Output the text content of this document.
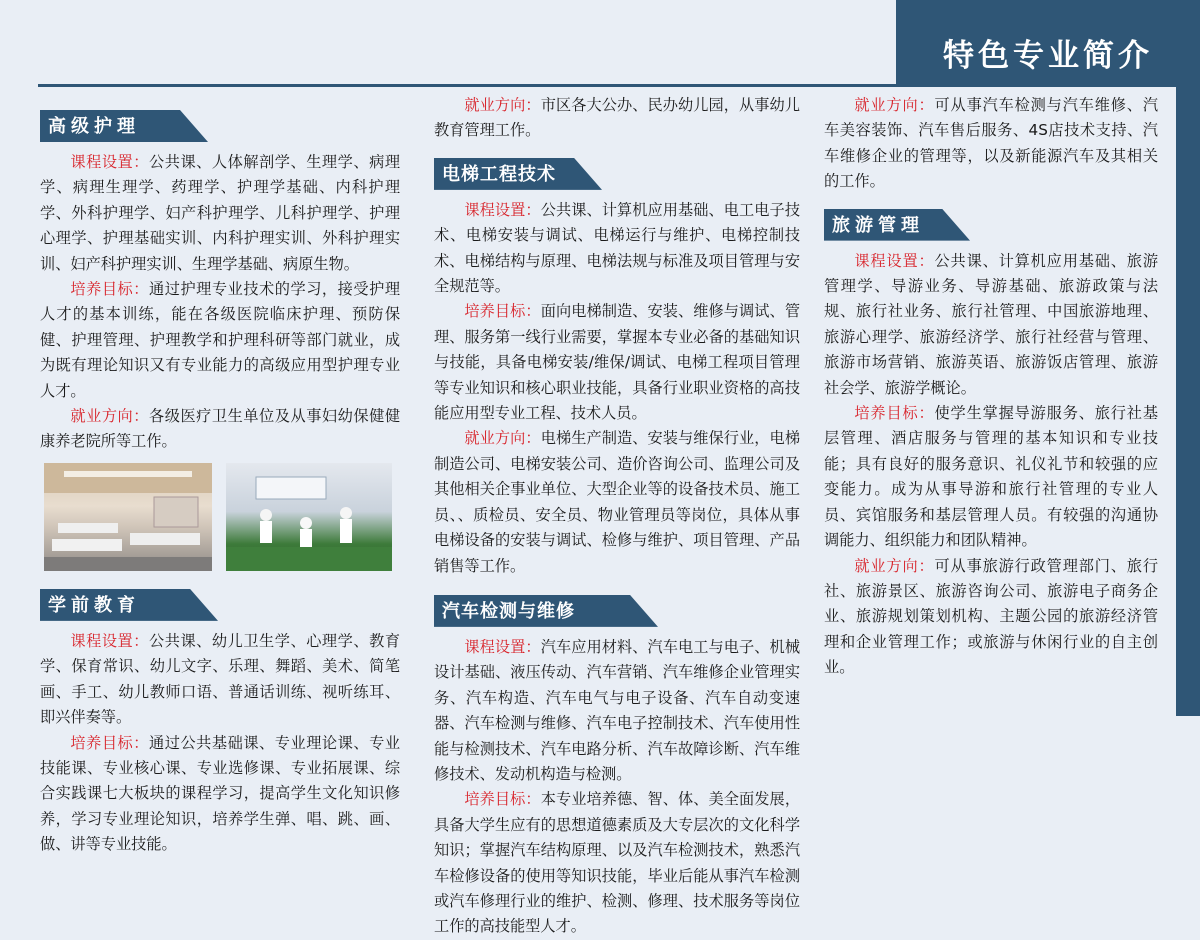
特色专业简介
高级护理

课程设置：公共课、人体解剖学、生理学、病理学、病理生理学、药理学、护理学基础、内科护理学、外科护理学、妇产科护理学、儿科护理学、护理心理学、护理基础实训、内科护理实训、外科护理实训、妇产科护理实训、生理学基础、病原生物。

培养目标：通过护理专业技术的学习，接受护理人才的基本训练，能在各级医院临床护理、预防保健、护理管理、护理教学和护理科研等部门就业，成为既有理论知识又有专业能力的高级应用型护理专业人才。

就业方向：各级医疗卫生单位及从事妇幼保健健康养老院所等工作。

学前教育

课程设置：公共课、幼儿卫生学、心理学、教育学、保育常识、幼儿文字、乐理、舞蹈、美术、简笔画、手工、幼儿教师口语、普通话训练、视听练耳、即兴伴奏等。

培养目标：通过公共基础课、专业理论课、专业技能课、专业核心课、专业选修课、专业拓展课、综合实践课七大板块的课程学习，提高学生文化知识修养，学习专业理论知识，培养学生弹、唱、跳、画、做、讲等专业技能。

就业方向：市区各大公办、民办幼儿园，从事幼儿教育管理工作。

电梯工程技术

课程设置：公共课、计算机应用基础、电工电子技术、电梯安装与调试、电梯运行与维护、电梯控制技术、电梯结构与原理、电梯法规与标准及项目管理与安全规范等。

培养目标：面向电梯制造、安装、维修与调试、管理、服务第一线行业需要，掌握本专业必备的基础知识与技能，具备电梯安装/维保/调试、电梯工程项目管理等专业知识和核心职业技能，具备行业职业资格的高技能应用型专业工程、技术人员。

就业方向：电梯生产制造、安装与维保行业，电梯制造公司、电梯安装公司、造价咨询公司、监理公司及其他相关企事业单位、大型企业等的设备技术员、施工员、、质检员、安全员、物业管理员等岗位，具体从事电梯设备的安装与调试、检修与维护、项目管理、产品销售等工作。

汽车检测与维修

课程设置：汽车应用材料、汽车电工与电子、机械设计基础、液压传动、汽车营销、汽车维修企业管理实务、汽车构造、汽车电气与电子设备、汽车自动变速器、汽车检测与维修、汽车电子控制技术、汽车使用性能与检测技术、汽车电路分析、汽车故障诊断、汽车维修技术、发动机构造与检测。

培养目标：本专业培养德、智、体、美全面发展，具备大学生应有的思想道德素质及大专层次的文化科学知识；掌握汽车结构原理、以及汽车检测技术，熟悉汽车检修设备的使用等知识技能，毕业后能从事汽车检测或汽车修理行业的维护、检测、修理、技术服务等岗位工作的高技能型人才。

就业方向：可从事汽车检测与汽车维修、汽车美容装饰、汽车售后服务、4S店技术支持、汽车维修企业的管理等，以及新能源汽车及其相关的工作。

旅游管理

课程设置：公共课、计算机应用基础、旅游管理学、导游业务、导游基础、旅游政策与法规、旅行社业务、旅行社管理、中国旅游地理、旅游心理学、旅游经济学、旅行社经营与管理、旅游市场营销、旅游英语、旅游饭店管理、旅游社会学、旅游学概论。

培养目标：使学生掌握导游服务、旅行社基层管理、酒店服务与管理的基本知识和专业技能；具有良好的服务意识、礼仪礼节和较强的应变能力。成为从事导游和旅行社管理的专业人员、宾馆服务和基层管理人员。有较强的沟通协调能力、组织能力和团队精神。

就业方向：可从事旅游行政管理部门、旅行社、旅游景区、旅游咨询公司、旅游电子商务企业、旅游规划策划机构、主题公园的旅游经济管理和企业管理工作；或旅游与休闲行业的自主创业。
